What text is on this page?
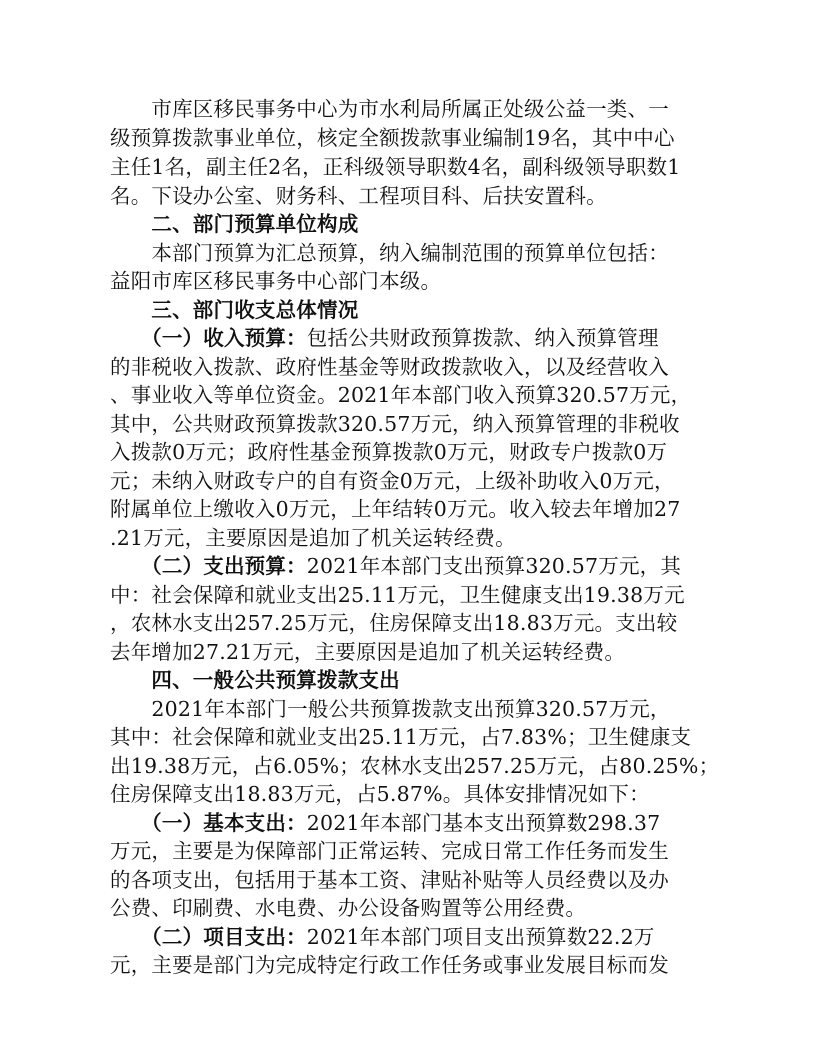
　　市库区移民事务中心为市水利局所属正处级公益一类、一
级预算拨款事业单位，核定全额拨款事业编制19名，其中中心
主任1名，副主任2名，正科级领导职数4名，副科级领导职数1
名。下设办公室、财务科、工程项目科、后扶安置科。
　　二、部门预算单位构成
　　本部门预算为汇总预算，纳入编制范围的预算单位包括：
益阳市库区移民事务中心部门本级。
　　三、部门收支总体情况
　　（一）收入预算：包括公共财政预算拨款、纳入预算管理
的非税收入拨款、政府性基金等财政拨款收入，以及经营收入
、事业收入等单位资金。2021年本部门收入预算320.57万元，
其中，公共财政预算拨款320.57万元，纳入预算管理的非税收
入拨款0万元；政府性基金预算拨款0万元，财政专户拨款0万
元；未纳入财政专户的自有资金0万元，上级补助收入0万元，
附属单位上缴收入0万元，上年结转0万元。收入较去年增加27
.21万元，主要原因是追加了机关运转经费。
　　（二）支出预算：2021年本部门支出预算320.57万元，其
中：社会保障和就业支出25.11万元，卫生健康支出19.38万元
，农林水支出257.25万元，住房保障支出18.83万元。支出较
去年增加27.21万元，主要原因是追加了机关运转经费。
　　四、一般公共预算拨款支出
　　2021年本部门一般公共预算拨款支出预算320.57万元，
其中：社会保障和就业支出25.11万元，占7.83%；卫生健康支
出19.38万元，占6.05%；农林水支出257.25万元，占80.25%；
住房保障支出18.83万元，占5.87%。具体安排情况如下：
　　（一）基本支出：2021年本部门基本支出预算数298.37
万元，主要是为保障部门正常运转、完成日常工作任务而发生
的各项支出，包括用于基本工资、津贴补贴等人员经费以及办
公费、印刷费、水电费、办公设备购置等公用经费。
　　（二）项目支出：2021年本部门项目支出预算数22.2万
元，主要是部门为完成特定行政工作任务或事业发展目标而发
